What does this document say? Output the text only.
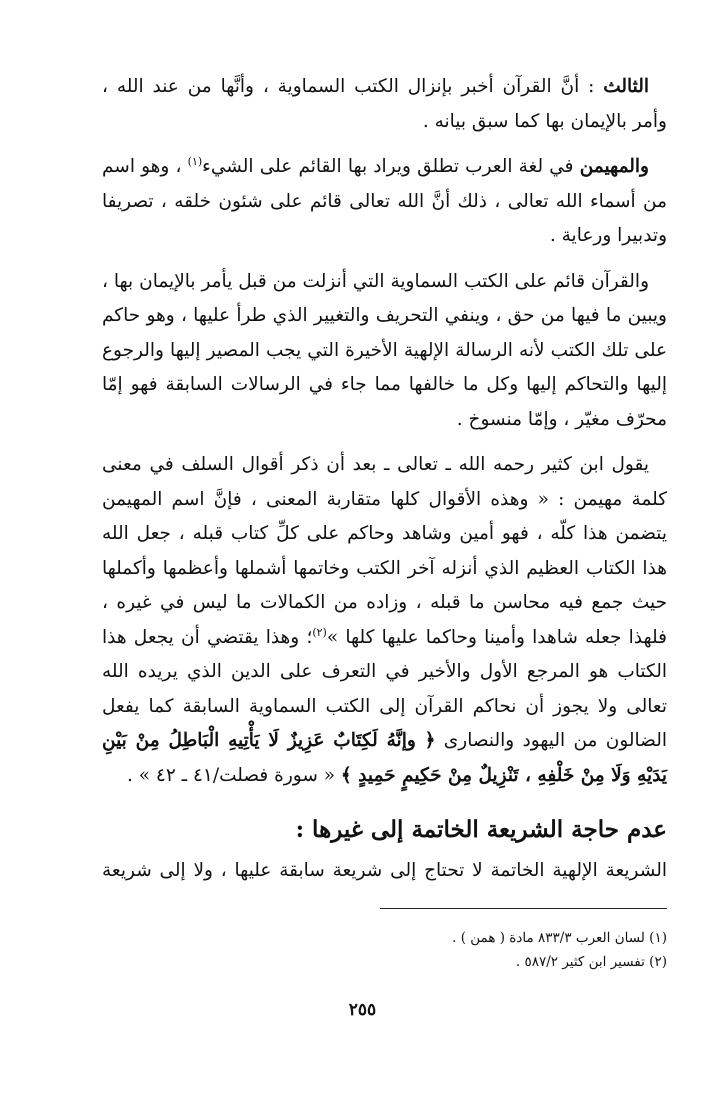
الثالث : أنَّ القرآن أخبر بإنزال الكتب السماوية ، وأنَّها من عند الله ، وأمر بالإيمان بها كما سبق بيانه .

والمهيمن في لغة العرب تطلق ويراد بها القائم على الشيء$^{(١)}$ ، وهو اسم من أسماء الله تعالى ، ذلك أنَّ الله تعالى قائم على شئون خلقه ، تصريفا وتدبيرا ورعاية .

والقرآن قائم على الكتب السماوية التي أنزلت من قبل يأمر بالإيمان بها ، ويبين ما فيها من حق ، وينفي التحريف والتغيير الذي طرأ عليها ، وهو حاكم على تلك الكتب لأنه الرسالة الإلهية الأخيرة التي يجب المصير إليها والرجوع إليها والتحاكم إليها وكل ما خالفها مما جاء في الرسالات السابقة فهو إمّا محرّف مغيّر ، وإمّا منسوخ .

يقول ابن كثير رحمه الله ـ تعالى ـ بعد أن ذكر أقوال السلف في معنى كلمة مهيمن : « وهذه الأقوال كلها متقاربة المعنى ، فإنَّ اسم المهيمن يتضمن هذا كلّه ، فهو أمين وشاهد وحاكم على كلِّ كتاب قبله ، جعل الله هذا الكتاب العظيم الذي أنزله آخر الكتب وخاتمها أشملها وأعظمها وأكملها حيث جمع فيه محاسن ما قبله ، وزاده من الكمالات ما ليس في غيره ، فلهذا جعله شاهدا وأمينا وحاكما عليها كلها »$^{(٢)}$؛ وهذا يقتضي أن يجعل هذا الكتاب هو المرجع الأول والأخير في التعرف على الدين الذي يريده الله تعالى ولا يجوز أن نحاكم القرآن إلى الكتب السماوية السابقة كما يفعل الضالون من اليهود والنصارى ﴿ وإنَّهُ لَكِتَابٌ عَزِيزٌ لَا يَأْتِيهِ الْبَاطِلُ مِنْ بَيْنِ يَدَيْهِ وَلَا مِنْ خَلْفِهِ ، تَنْزِيلٌ مِنْ حَكِيمٍ حَمِيدٍ ﴾ « سورة فصلت/٤١ ـ ٤٢ » .

عدم حاجة الشريعة الخاتمة إلى غيرها :
الشريعة الإلهية الخاتمة لا تحتاج إلى شريعة سابقة عليها ، ولا إلى شريعة

(١) لسان العرب ٨٣٣/٣ مادة ( همن ) .

(٢) تفسير ابن كثير ٥٨٧/٢ .

٢٥٥
